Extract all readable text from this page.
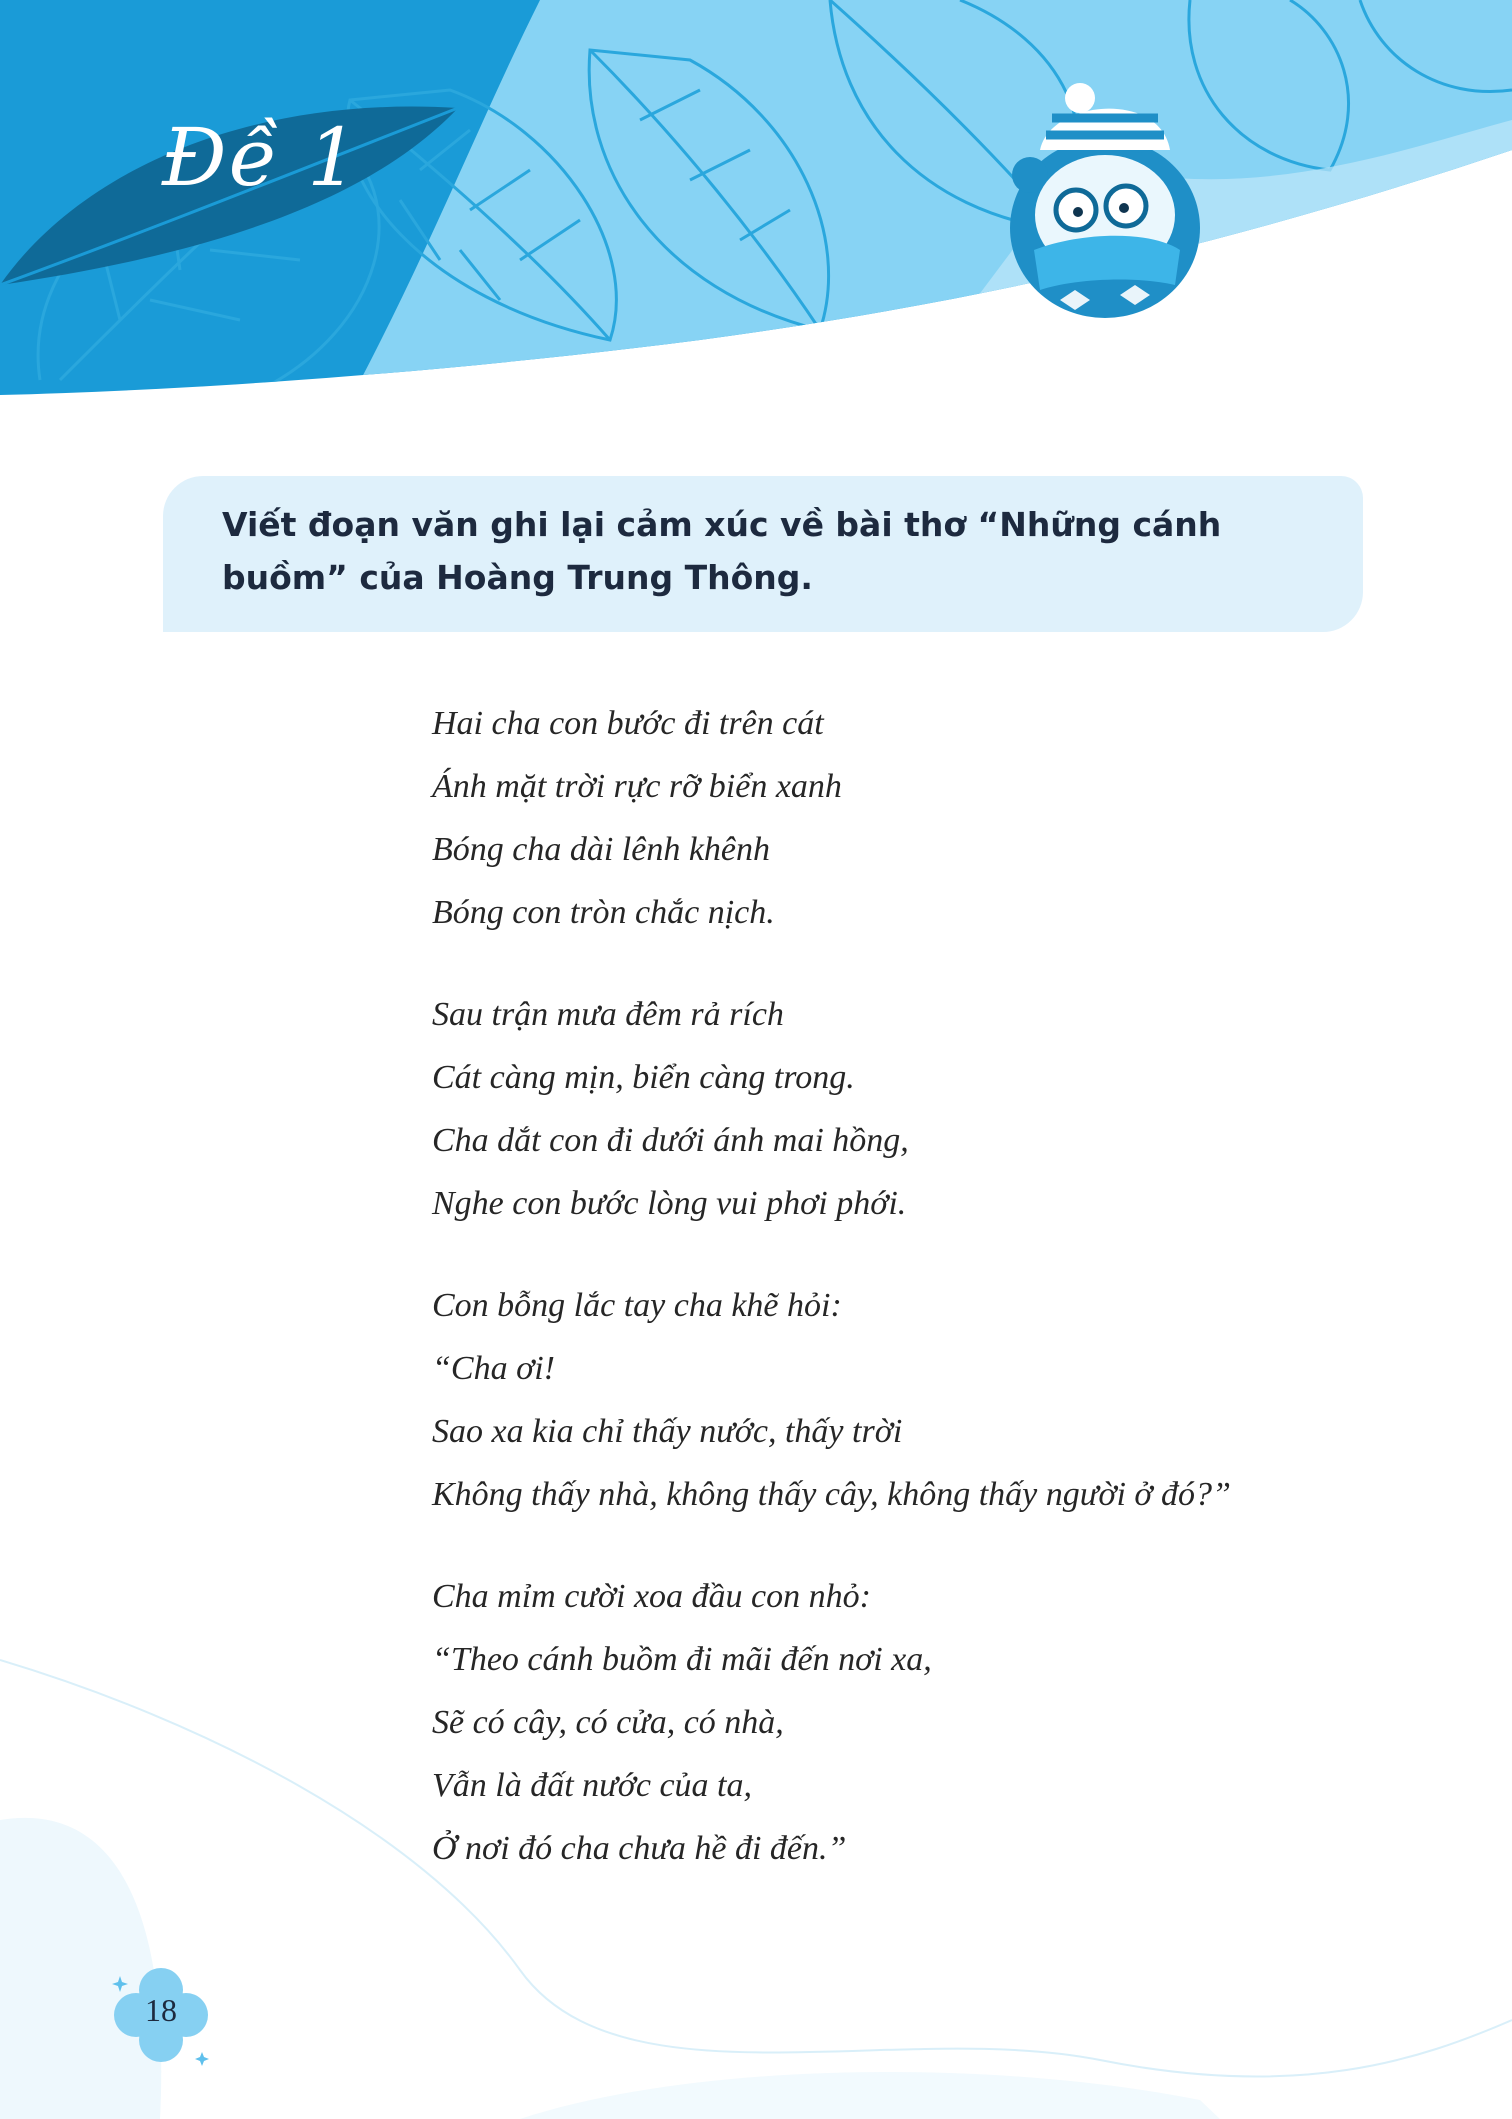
Đề 1

Viết đoạn văn ghi lại cảm xúc về bài thơ “Những cánh buồm” của Hoàng Trung Thông.

Hai cha con bước đi trên cát
Ánh mặt trời rực rỡ biển xanh
Bóng cha dài lênh khênh
Bóng con tròn chắc nịch.
Sau trận mưa đêm rả rích
Cát càng mịn, biển càng trong.
Cha dắt con đi dưới ánh mai hồng,
Nghe con bước lòng vui phơi phới.
Con bỗng lắc tay cha khẽ hỏi:
“Cha ơi!
Sao xa kia chỉ thấy nước, thấy trời
Không thấy nhà, không thấy cây, không thấy người ở đó?”
Cha mỉm cười xoa đầu con nhỏ:
“Theo cánh buồm đi mãi đến nơi xa,
Sẽ có cây, có cửa, có nhà,
Vẫn là đất nước của ta,
Ở nơi đó cha chưa hề đi đến.”
18
